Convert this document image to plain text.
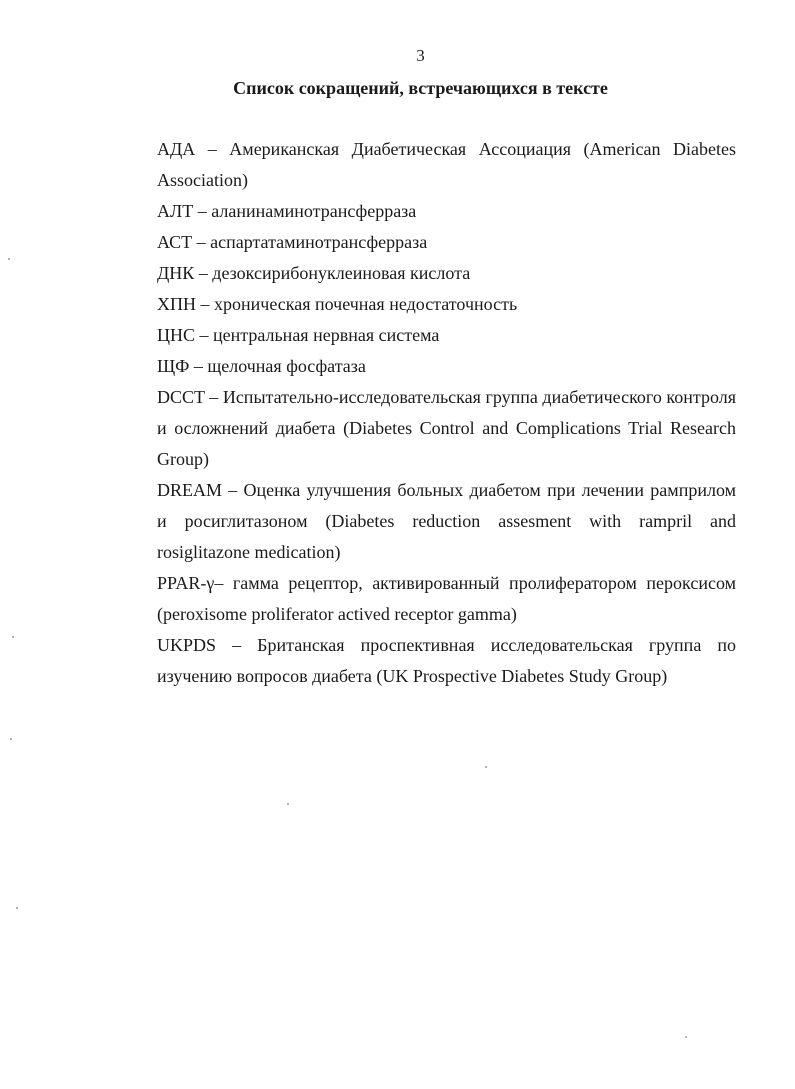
3
Список сокращений, встречающихся в тексте

АДА – Американская Диабетическая Ассоциация (American Diabetes Association)

АЛТ – аланинаминотрансферраза

АСТ – аспартатаминотрансферраза

ДНК – дезоксирибонуклеиновая кислота

ХПН – хроническая почечная недостаточность

ЦНС – центральная нервная система

ЩФ – щелочная фосфатаза

DCCT – Испытательно-исследовательская группа диабетического контроля и осложнений диабета (Diabetes Control and Complications Trial Research Group)

DREAM – Оценка улучшения больных диабетом при лечении рамприлом и росиглитазоном (Diabetes reduction assesment with rampril and rosiglitazone medication)

PPAR-γ– гамма рецептор, активированный пролифератором пероксисом (peroxisome proliferator actived receptor gamma)

UKPDS – Британская проспективная исследовательская группа по изучению вопросов диабета (UK Prospective Diabetes Study Group)
